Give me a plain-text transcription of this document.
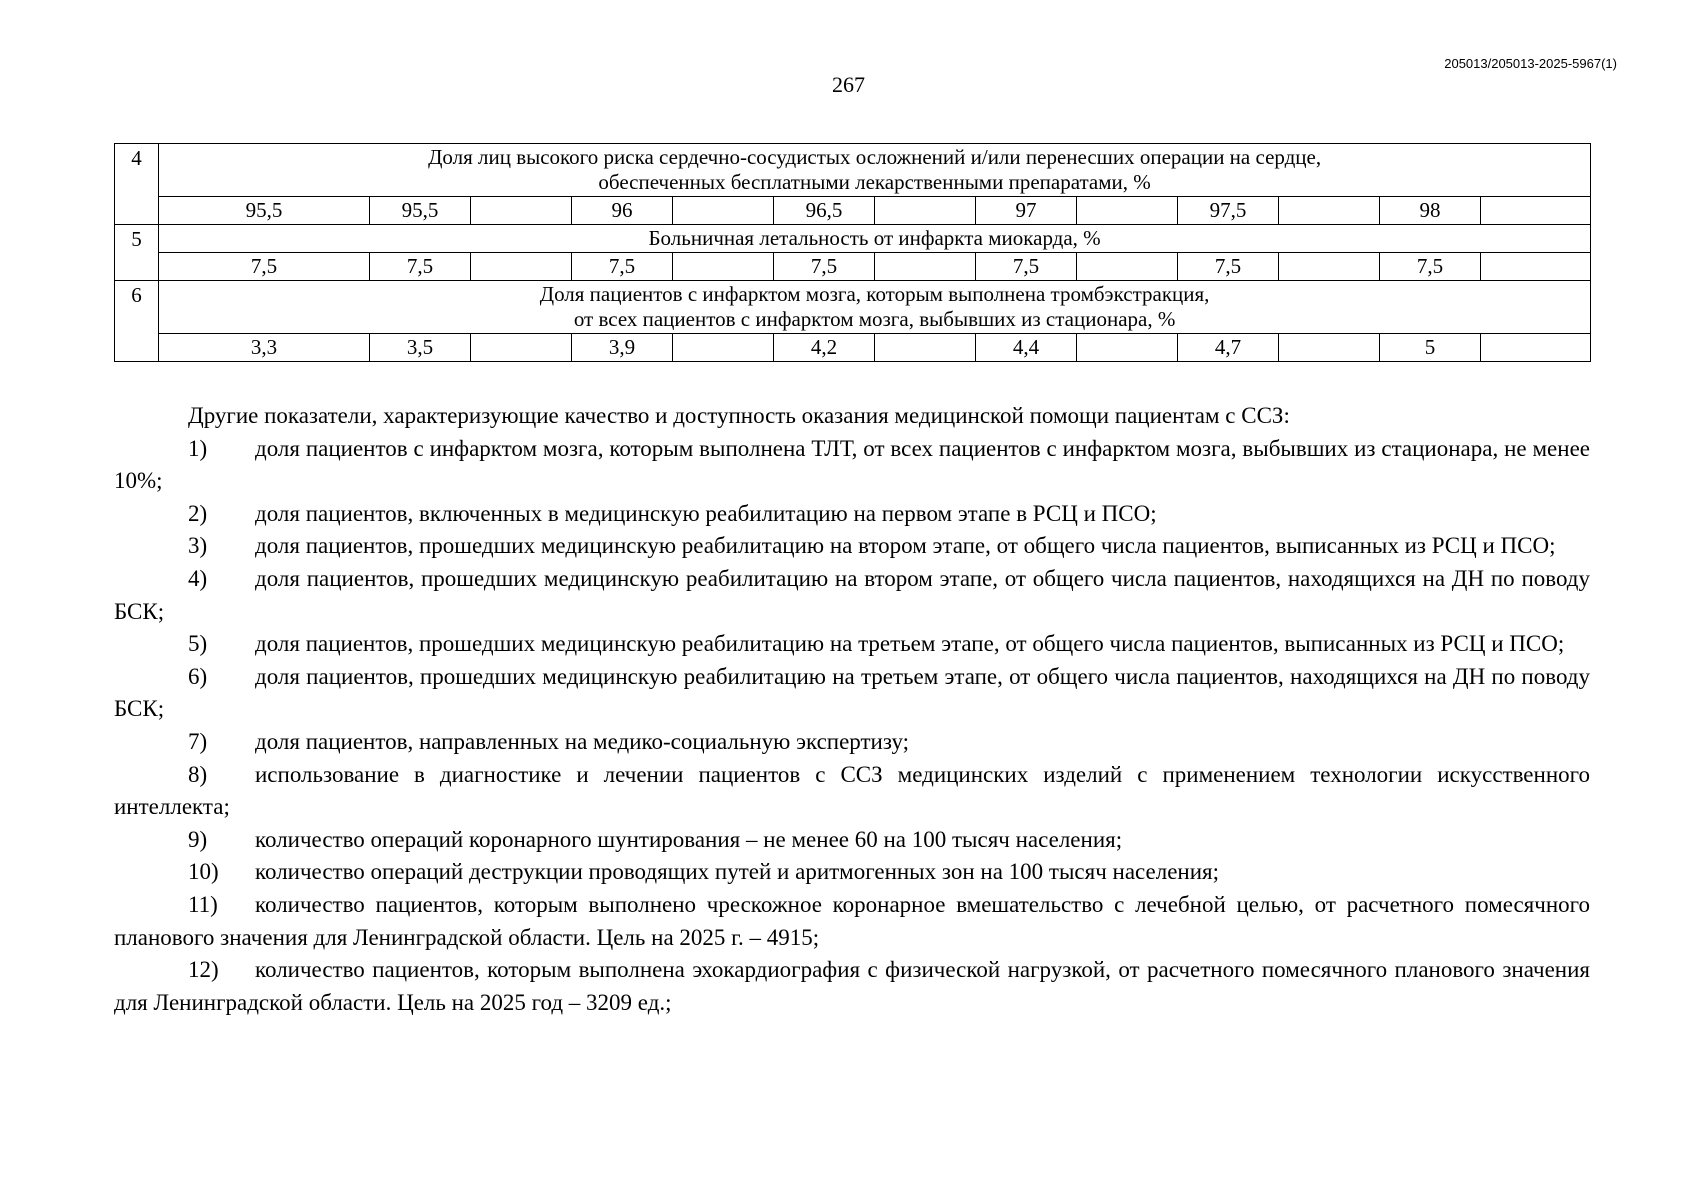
205013/205013-2025-5967(1)
267
4	Доля лиц высокого риска сердечно-сосудистых осложнений и/или перенесших операции на сердце,
обеспеченных бесплатными лекарственными препаратами, %												

	95,5	95,5		96		96,5		97		97,5		98	
5	Больничная летальность от инфаркта миокарда, %												

	7,5	7,5		7,5		7,5		7,5		7,5		7,5	
6	Доля пациентов с инфарктом мозга, которым выполнена тромбэкстракция,
от всех пациентов с инфарктом мозга, выбывших из стационара, %												

	3,3	3,5		3,9		4,2		4,4		4,7		5	

Другие показатели, характеризующие качество и доступность оказания медицинской помощи пациентам с ССЗ:

1) доля пациентов с инфарктом мозга, которым выполнена ТЛТ, от всех пациентов с инфарктом мозга, выбывших из стационара, не менее 10%;

2) доля пациентов, включенных в медицинскую реабилитацию на первом этапе в РСЦ и ПСО;

3) доля пациентов, прошедших медицинскую реабилитацию на втором этапе, от общего числа пациентов, выписанных из РСЦ и ПСО;

4) доля пациентов, прошедших медицинскую реабилитацию на втором этапе, от общего числа пациентов, находящихся на ДН по поводу БСК;

5) доля пациентов, прошедших медицинскую реабилитацию на третьем этапе, от общего числа пациентов, выписанных из РСЦ и ПСО;

6) доля пациентов, прошедших медицинскую реабилитацию на третьем этапе, от общего числа пациентов, находящихся на ДН по поводу БСК;

7) доля пациентов, направленных на медико-социальную экспертизу;

8) использование в диагностике и лечении пациентов с ССЗ медицинских изделий с применением технологии искусственного интеллекта;

9) количество операций коронарного шунтирования – не менее 60 на 100 тысяч населения;

10) количество операций деструкции проводящих путей и аритмогенных зон на 100 тысяч населения;

11) количество пациентов, которым выполнено чрескожное коронарное вмешательство с лечебной целью, от расчетного помесячного планового значения для Ленинградской области. Цель на 2025 г. – 4915;

12) количество пациентов, которым выполнена эхокардиография с физической нагрузкой, от расчетного помесячного планового значения для Ленинградской области. Цель на 2025 год – 3209 ед.;
